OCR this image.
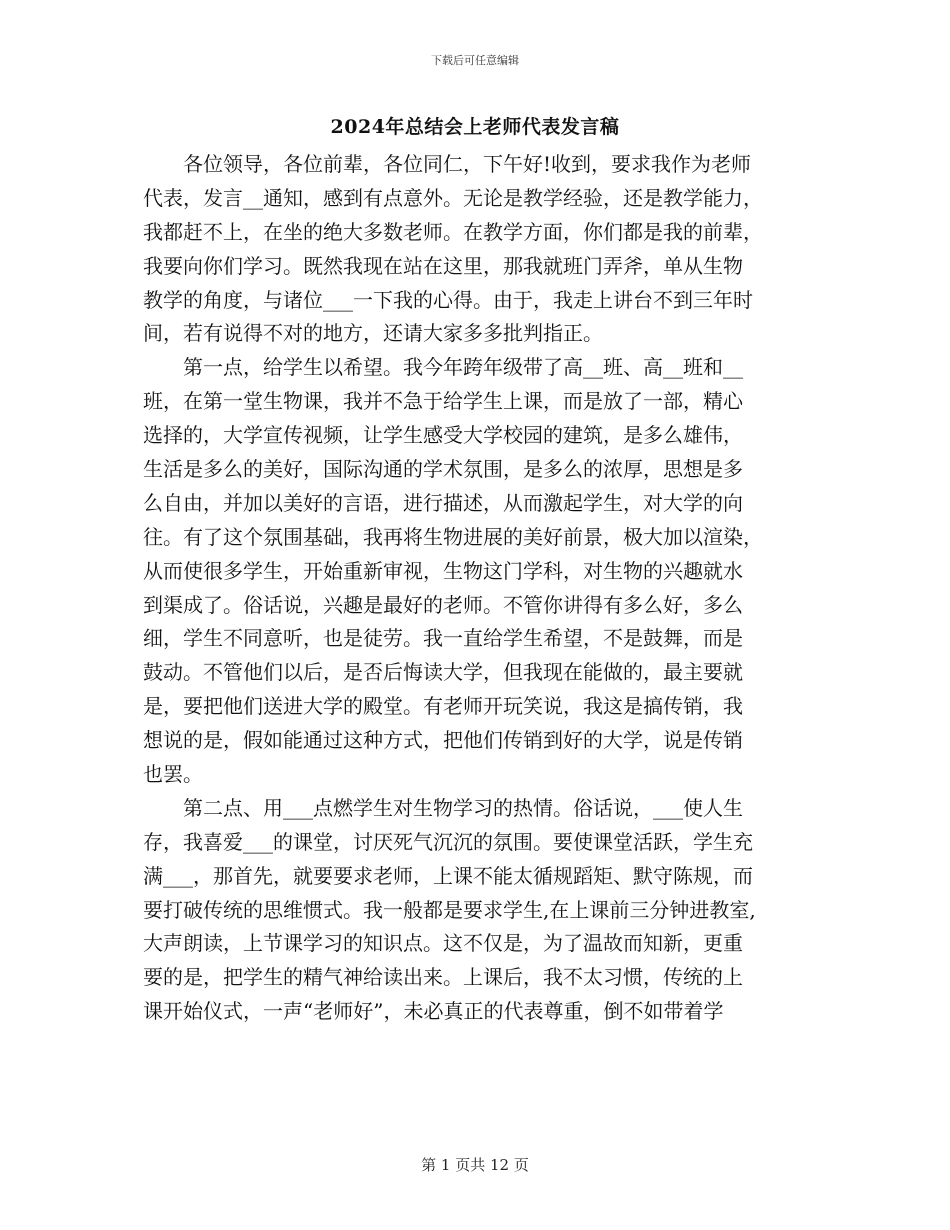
下载后可任意编辑
2024年总结会上老师代表发言稿
各位领导，各位前辈，各位同仁，下午好!收到，要求我作为老师
代表，发言__通知，感到有点意外。无论是教学经验，还是教学能力，
我都赶不上，在坐的绝大多数老师。在教学方面，你们都是我的前辈，
我要向你们学习。既然我现在站在这里，那我就班门弄斧，单从生物
教学的角度，与诸位___一下我的心得。由于，我走上讲台不到三年时
间，若有说得不对的地方，还请大家多多批判指正。
第一点，给学生以希望。我今年跨年级带了高__班、高__班和__
班，在第一堂生物课，我并不急于给学生上课，而是放了一部，精心
选择的，大学宣传视频，让学生感受大学校园的建筑，是多么雄伟，
生活是多么的美好，国际沟通的学术氛围，是多么的浓厚，思想是多
么自由，并加以美好的言语，进行描述，从而激起学生，对大学的向
往。有了这个氛围基础，我再将生物进展的美好前景，极大加以渲染，
从而使很多学生，开始重新审视，生物这门学科，对生物的兴趣就水
到渠成了。俗话说，兴趣是最好的老师。不管你讲得有多么好，多么
细，学生不同意听，也是徒劳。我一直给学生希望，不是鼓舞，而是
鼓动。不管他们以后，是否后悔读大学，但我现在能做的，最主要就
是，要把他们送进大学的殿堂。有老师开玩笑说，我这是搞传销，我
想说的是，假如能通过这种方式，把他们传销到好的大学，说是传销
也罢。
第二点、用___点燃学生对生物学习的热情。俗话说，___使人生
存，我喜爱___的课堂，讨厌死气沉沉的氛围。要使课堂活跃，学生充
满___，那首先，就要要求老师，上课不能太循规蹈矩、默守陈规，而
要打破传统的思维惯式。我一般都是要求学生,在上课前三分钟进教室,
大声朗读，上节课学习的知识点。这不仅是，为了温故而知新，更重
要的是，把学生的精气神给读出来。上课后，我不太习惯，传统的上
课开始仪式，一声“老师好”，未必真正的代表尊重，倒不如带着学
第 1 页共 12 页
